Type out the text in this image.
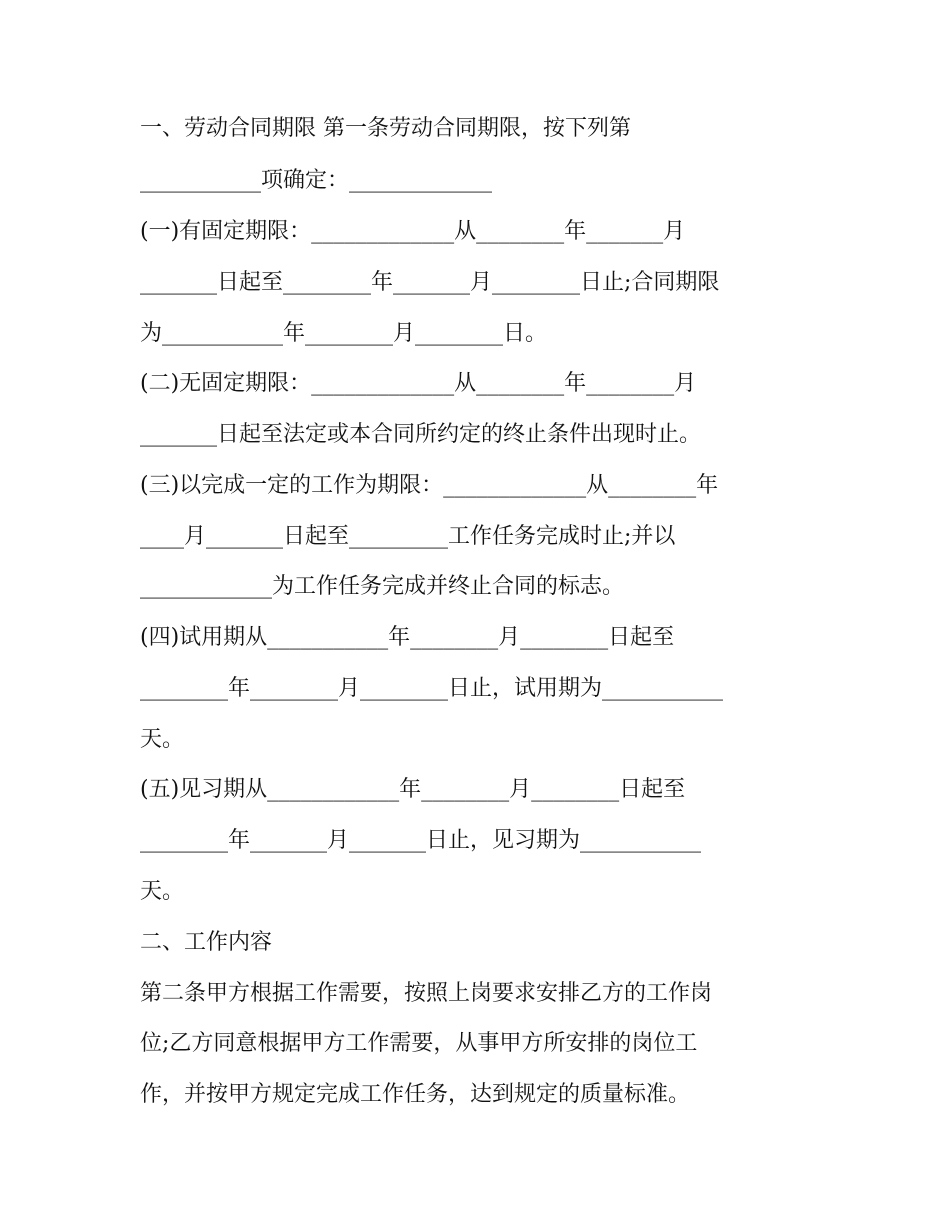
一、劳动合同期限 第一条劳动合同期限，按下列第

___________项确定：_____________

(一)有固定期限：_____________从________年_______月

_______日起至________年_______月________日止;合同期限

为___________年________月________日。

(二)无固定期限：_____________从________年________月

_______日起至法定或本合同所约定的终止条件出现时止。

(三)以完成一定的工作为期限：_____________从________年

____月_______日起至_________工作任务完成时止;并以

____________为工作任务完成并终止合同的标志。

(四)试用期从___________年________月________日起至

________年________月________日止，试用期为___________

天。

(五)见习期从____________年________月________日起至

________年_______月_______日止，见习期为___________

天。

二、工作内容

第二条甲方根据工作需要，按照上岗要求安排乙方的工作岗

位;乙方同意根据甲方工作需要，从事甲方所安排的岗位工

作，并按甲方规定完成工作任务，达到规定的质量标准。
